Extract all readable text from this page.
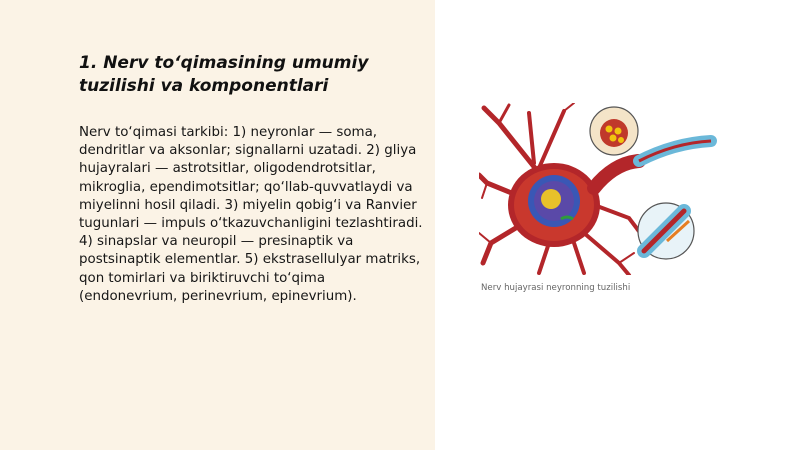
1. Nerv to‘qimasining umumiy tuzilishi va komponentlari

Nerv to‘qimasi tarkibi: 1) neyronlar — soma, dendritlar va aksonlar; signallarni uzatadi. 2) gliya hujayralari — astrotsitlar, oligodendrotsitlar, mikroglia, ependimotsitlar; qo‘llab-quvvatlaydi va miyelinni hosil qiladi. 3) miyelin qobig‘i va Ranvier tugunlari — impuls o‘tkazuvchanligini tezlashtiradi. 4) sinapslar va neuropil — presinaptik va postsinaptik elementlar. 5) ekstrasellulyar matriks, qon tomirlari va biriktiruvchi to‘qima (endonevrium, perinevrium, epinevrium).

Nerv hujayrasi neyronning tuzilishi
